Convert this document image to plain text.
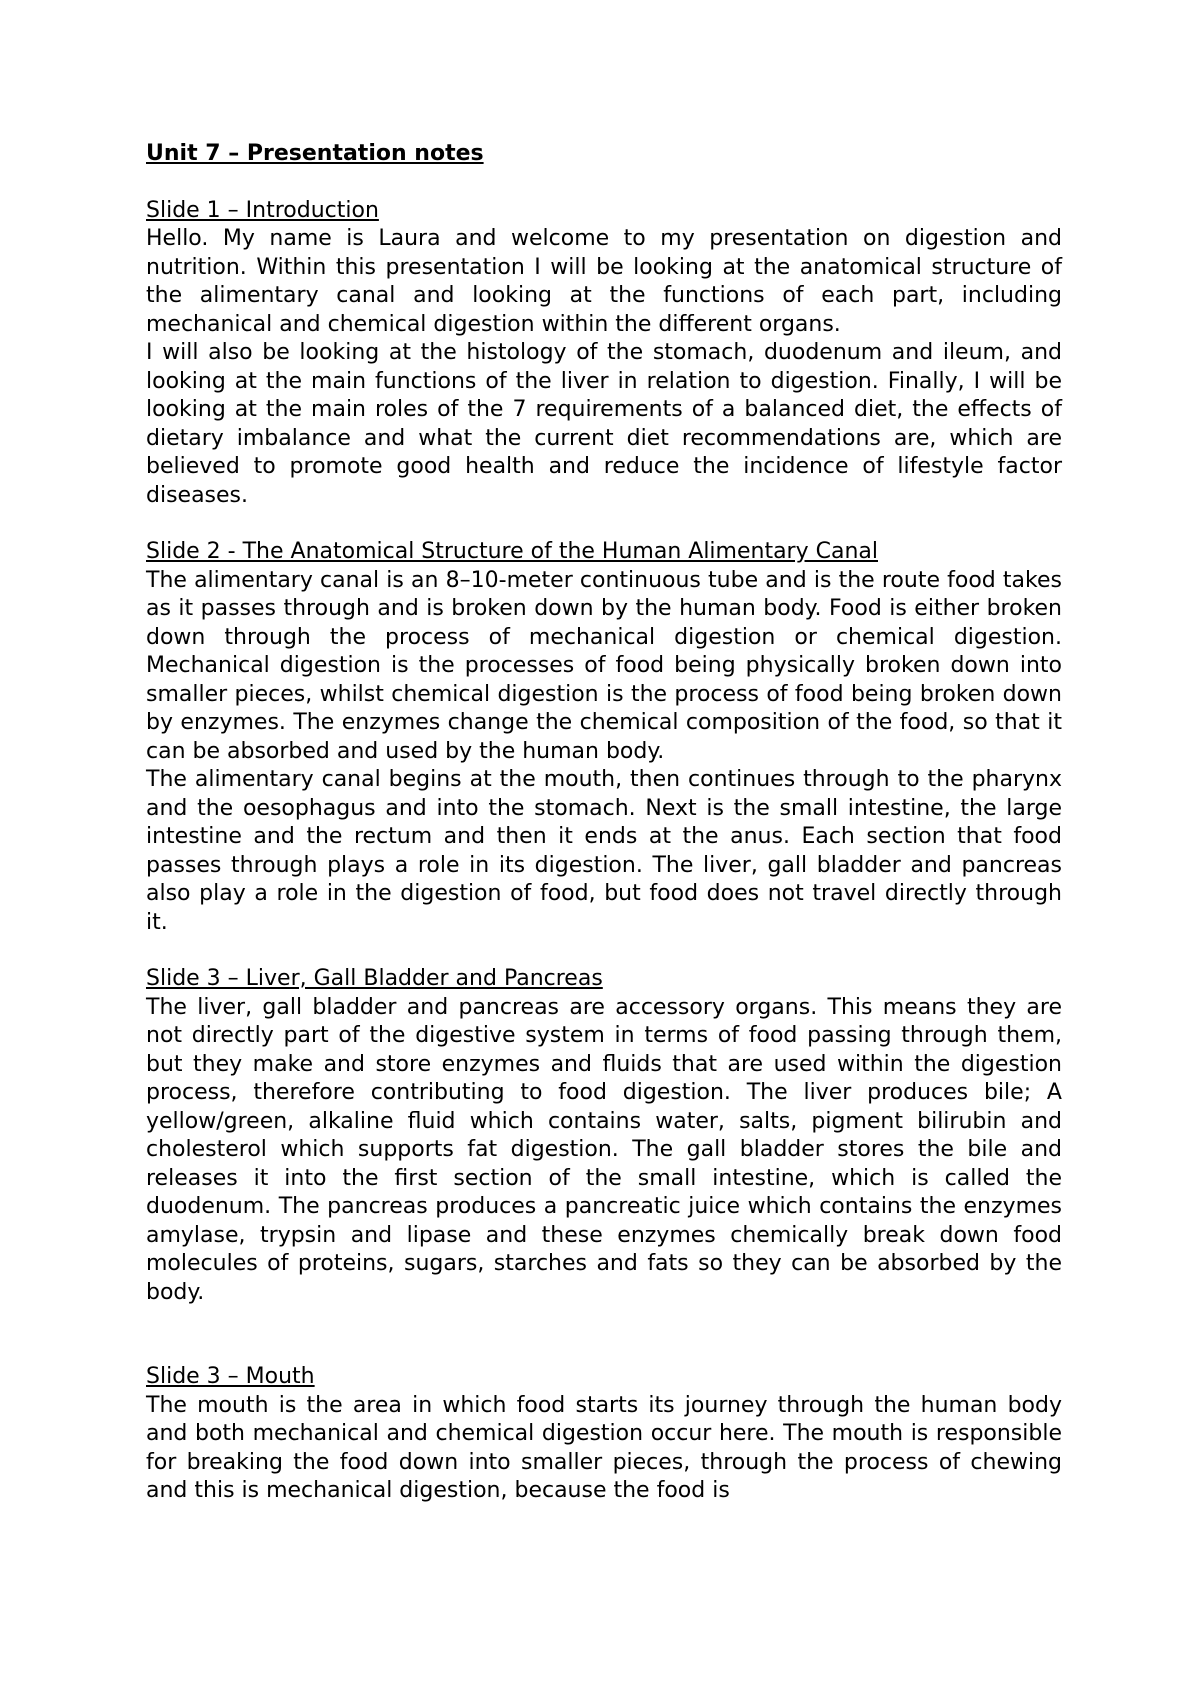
Unit 7 – Presentation notes

Slide 1 – Introduction

Hello. My name is Laura and welcome to my presentation on digestion and nutrition. Within this presentation I will be looking at the anatomical structure of the alimentary canal and looking at the functions of each part, including mechanical and chemical digestion within the different organs.

I will also be looking at the histology of the stomach, duodenum and ileum, and looking at the main functions of the liver in relation to digestion. Finally, I will be looking at the main roles of the 7 requirements of a balanced diet, the effects of dietary imbalance and what the current diet recommendations are, which are believed to promote good health and reduce the incidence of lifestyle factor diseases.

Slide 2 - The Anatomical Structure of the Human Alimentary Canal

The alimentary canal is an 8–10-meter continuous tube and is the route food takes as it passes through and is broken down by the human body. Food is either broken down through the process of mechanical digestion or chemical digestion. Mechanical digestion is the processes of food being physically broken down into smaller pieces, whilst chemical digestion is the process of food being broken down by enzymes. The enzymes change the chemical composition of the food, so that it can be absorbed and used by the human body.

The alimentary canal begins at the mouth, then continues through to the pharynx and the oesophagus and into the stomach. Next is the small intestine, the large intestine and the rectum and then it ends at the anus. Each section that food passes through plays a role in its digestion. The liver, gall bladder and pancreas also play a role in the digestion of food, but food does not travel directly through it.

Slide 3 – Liver, Gall Bladder and Pancreas

The liver, gall bladder and pancreas are accessory organs. This means they are not directly part of the digestive system in terms of food passing through them, but they make and store enzymes and fluids that are used within the digestion process, therefore contributing to food digestion. The liver produces bile; A yellow/green, alkaline fluid which contains water, salts, pigment bilirubin and cholesterol which supports fat digestion. The gall bladder stores the bile and releases it into the first section of the small intestine, which is called the duodenum. The pancreas produces a pancreatic juice which contains the enzymes amylase, trypsin and lipase and these enzymes chemically break down food molecules of proteins, sugars, starches and fats so they can be absorbed by the body.

Slide 3 – Mouth

The mouth is the area in which food starts its journey through the human body and both mechanical and chemical digestion occur here. The mouth is responsible for breaking the food down into smaller pieces, through the process of chewing and this is mechanical digestion, because the food is
